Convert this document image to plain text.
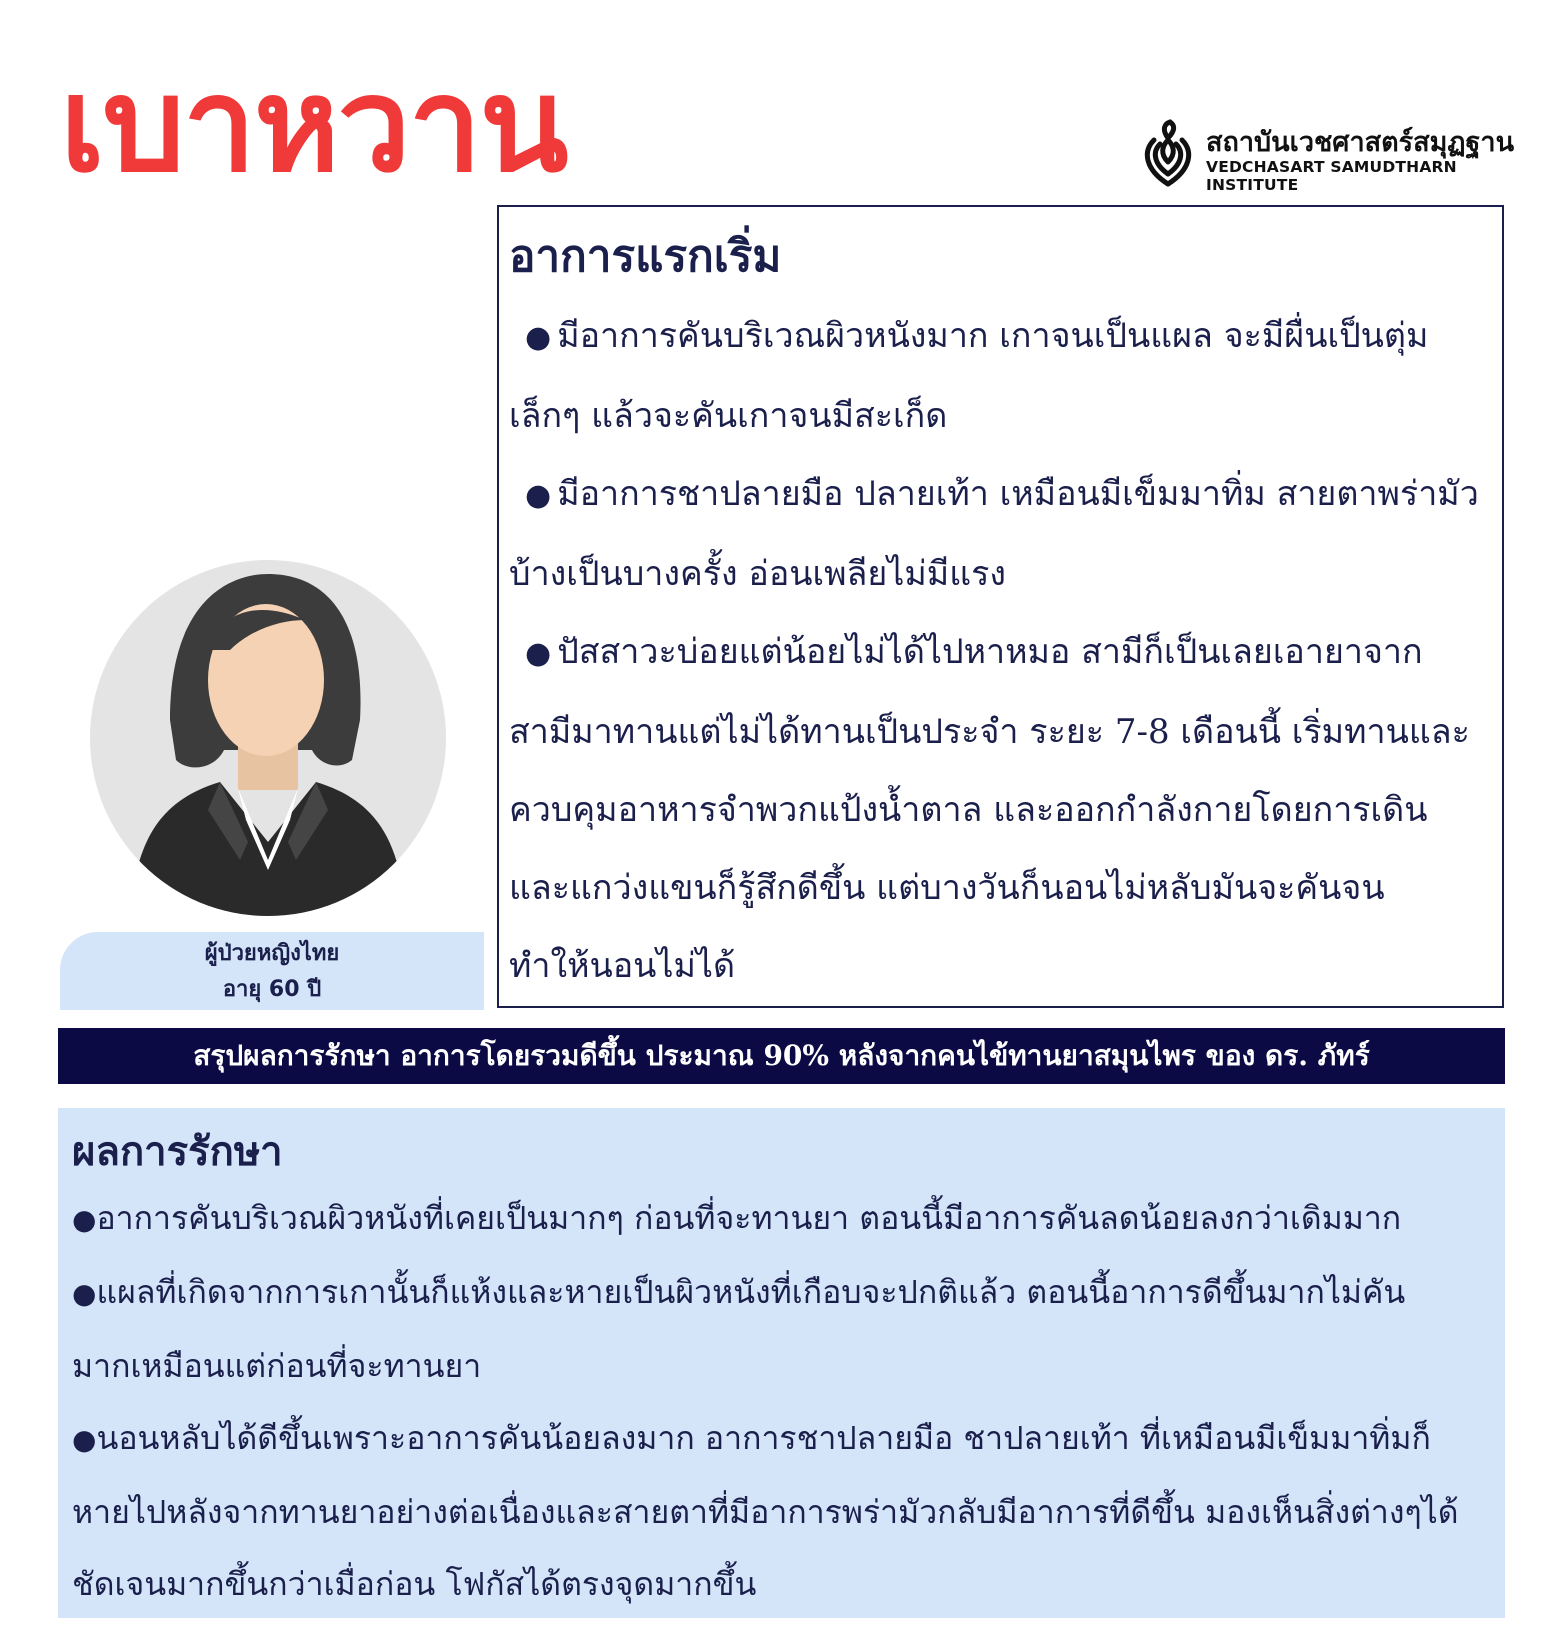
เบาหวาน	สถาบันเวชศาสตร์สมุฏฐาน
VEDCHASART SAMUDTHARN INSTITUTE
ผู้ป่วยหญิงไทย
อายุ 60 ปี
อาการแรกเริ่ม

● มีอาการคันบริเวณผิวหนังมาก เกาจนเป็นแผล จะมีผื่นเป็นตุ่ม

เล็กๆ แล้วจะคันเกาจนมีสะเก็ด

● มีอาการชาปลายมือ ปลายเท้า เหมือนมีเข็มมาทิ่ม สายตาพร่ามัว

บ้างเป็นบางครั้ง อ่อนเพลียไม่มีแรง

● ปัสสาวะบ่อยแต่น้อยไม่ได้ไปหาหมอ สามีก็เป็นเลยเอายาจาก

สามีมาทานแต่ไม่ได้ทานเป็นประจำ ระยะ 7-8 เดือนนี้ เริ่มทานและ

ควบคุมอาหารจำพวกแป้งน้ำตาล และออกกำลังกายโดยการเดิน

และแกว่งแขนก็รู้สึกดีขึ้น แต่บางวันก็นอนไม่หลับมันจะคันจน

ทำให้นอนไม่ได้

สรุปผลการรักษา อาการโดยรวมดีขึ้น ประมาณ 90% หลังจากคนไข้ทานยาสมุนไพร ของ ดร. ภัทร์
ผลการรักษา

●อาการคันบริเวณผิวหนังที่เคยเป็นมากๆ ก่อนที่จะทานยา ตอนนี้มีอาการคันลดน้อยลงกว่าเดิมมาก

●แผลที่เกิดจากการเกานั้นก็แห้งและหายเป็นผิวหนังที่เกือบจะปกติแล้ว ตอนนี้อาการดีขึ้นมากไม่คัน

มากเหมือนแต่ก่อนที่จะทานยา

●นอนหลับได้ดีขึ้นเพราะอาการคันน้อยลงมาก อาการชาปลายมือ ชาปลายเท้า ที่เหมือนมีเข็มมาทิ่มก็

หายไปหลังจากทานยาอย่างต่อเนื่องและสายตาที่มีอาการพร่ามัวกลับมีอาการที่ดีขึ้น มองเห็นสิ่งต่างๆได้

ชัดเจนมากขึ้นกว่าเมื่อก่อน โฟกัสได้ตรงจุดมากขึ้น
